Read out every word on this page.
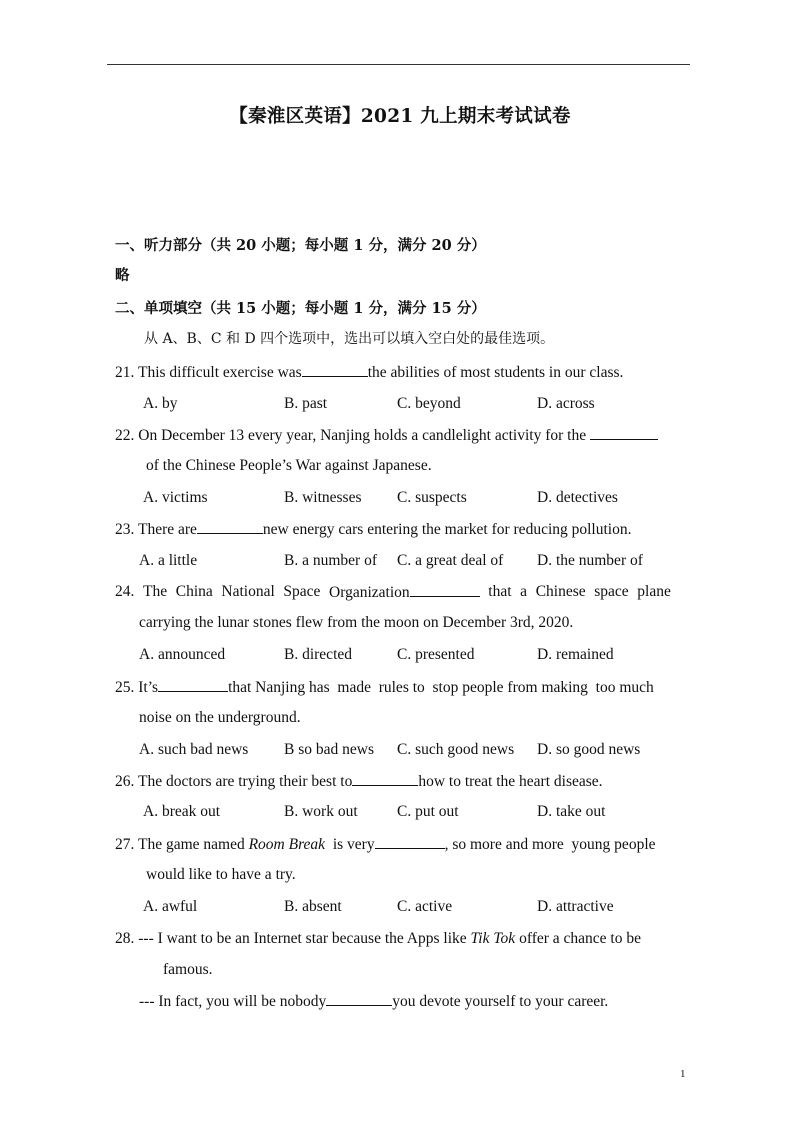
【秦淮区英语】2021 九上期末考试试卷
一、听力部分（共 20 小题；每小题 1 分，满分 20 分）
略
二、单项填空（共 15 小题；每小题 1 分，满分 15 分）
从 A、B、C 和 D 四个选项中，选出可以填入空白处的最佳选项。
21. This difficult exercise was	the abilities of most students in our class.
A. by	B. past	C. beyond	D. across
22. On December 13 every year, Nanjing holds a candlelight activity for the
of the Chinese People’s War against Japanese.
A. victims	B. witnesses C. suspects	D. detectives
23. There are	new energy cars entering the market for reducing pollution.
A. a little	B. a number of C. a great deal of D. the number of
24. The China National Space Organization	that a Chinese space plane
carrying the lunar stones flew from the moon on December 3rd, 2020.
A. announced	B. directed	C. presented	D. remained
25. It’s	that Nanjing has  made  rules to  stop people from making  too much
noise on the underground.
A. such bad news B so bad news C. such good news D. so good news
26. The doctors are trying their best to	how to treat the heart disease.
A. break out	B. work out	C. put out	D. take out
27. The game named Room Break  is very	, so more and more  young people
would like to have a try.
A. awful	B. absent	C. active	D. attractive
28. --- I want to be an Internet star because the Apps like Tik Tok offer a chance to be
famous.
--- In fact, you will be nobody	you devote yourself to your career.
1
